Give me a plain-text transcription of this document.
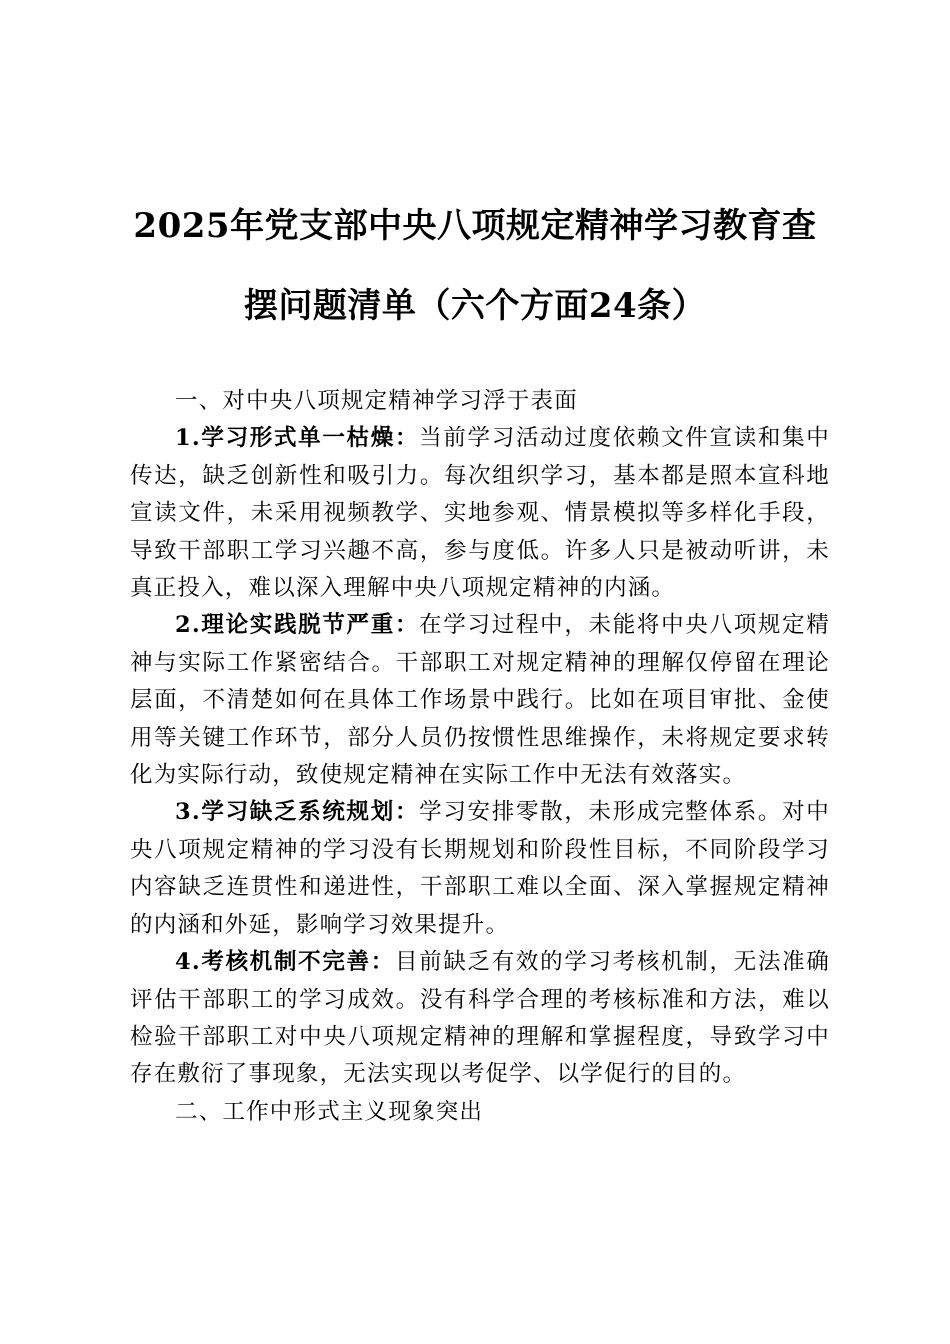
2025年党支部中央八项规定精神学习教育查
摆问题清单（六个方面24条）

一、对中央八项规定精神学习浮于表面

1.学习形式单一枯燥：当前学习活动过度依赖文件宣读和集中传达，缺乏创新性和吸引力。每次组织学习，基本都是照本宣科地宣读文件，未采用视频教学、实地参观、情景模拟等多样化手段，导致干部职工学习兴趣不高，参与度低。许多人只是被动听讲，未真正投入，难以深入理解中央八项规定精神的内涵。

2.理论实践脱节严重：在学习过程中，未能将中央八项规定精神与实际工作紧密结合。干部职工对规定精神的理解仅停留在理论层面，不清楚如何在具体工作场景中践行。比如在项目审批、金使用等关键工作环节，部分人员仍按惯性思维操作，未将规定要求转化为实际行动，致使规定精神在实际工作中无法有效落实。

3.学习缺乏系统规划：学习安排零散，未形成完整体系。对中央八项规定精神的学习没有长期规划和阶段性目标，不同阶段学习内容缺乏连贯性和递进性，干部职工难以全面、深入掌握规定精神的内涵和外延，影响学习效果提升。

4.考核机制不完善：目前缺乏有效的学习考核机制，无法准确评估干部职工的学习成效。没有科学合理的考核标准和方法，难以检验干部职工对中央八项规定精神的理解和掌握程度，导致学习中存在敷衍了事现象，无法实现以考促学、以学促行的目的。

二、工作中形式主义现象突出
